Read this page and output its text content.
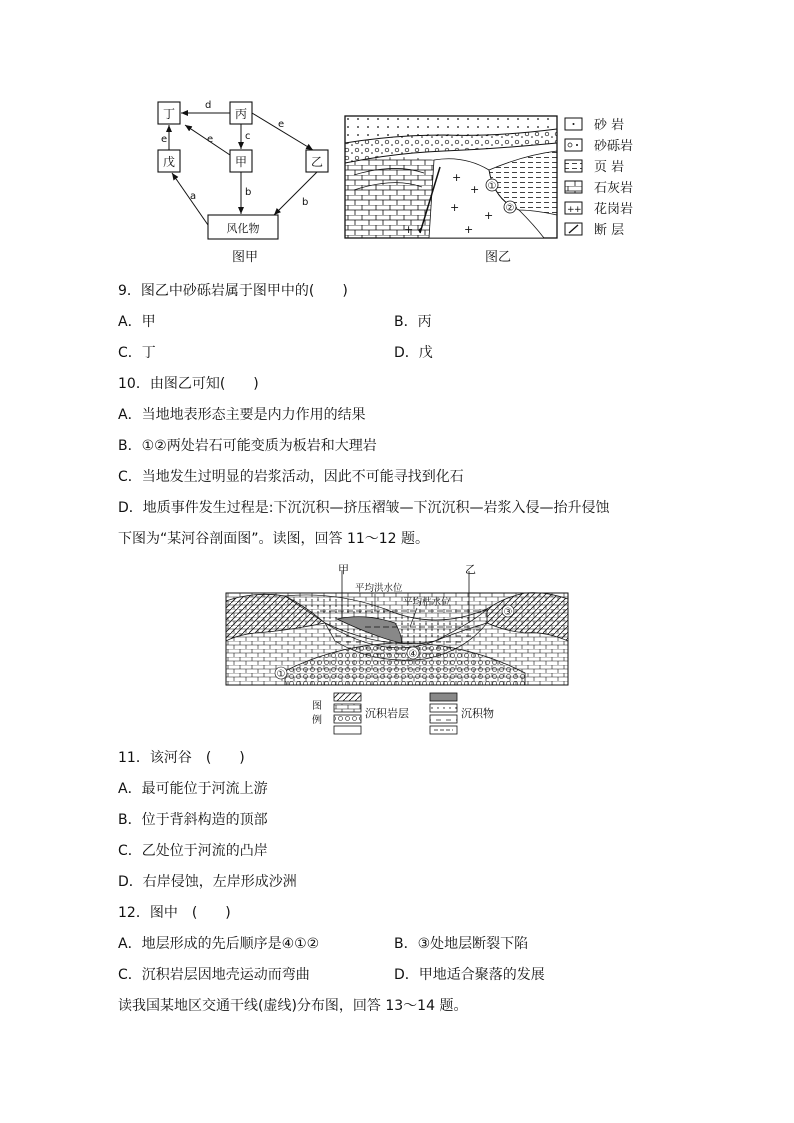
丁	丙
戊	甲	乙
风化物
d
e	e
e
c
b
b
a
图甲
+
+
+
+
+
+
①
②
图乙
+ +
砂 岩
砂砾岩
页 岩
石灰岩
花岗岩
断 层
9．图乙中砂砾岩属于图甲中的(　　)
A．甲	B．丙
C．丁	D．戊
10．由图乙可知(　　)
A．当地地表形态主要是内力作用的结果
B．①②两处岩石可能变质为板岩和大理岩
C．当地发生过明显的岩浆活动，因此不可能寻找到化石
D．地质事件发生过程是:下沉沉积—挤压褶皱—下沉沉积—岩浆入侵—抬升侵蚀
下图为“某河谷剖面图”。读图，回答 11～12 题。
甲	乙
平均洪水位
平均枯水位
③
④
①
图
例
沉积岩层	沉积物
11．该河谷　(　　)
A．最可能位于河流上游
B．位于背斜构造的顶部
C．乙处位于河流的凸岸
D．右岸侵蚀，左岸形成沙洲
12．图中　(　　)
A．地层形成的先后顺序是④①②	B．③处地层断裂下陷
C．沉积岩层因地壳运动而弯曲	D．甲地适合聚落的发展
读我国某地区交通干线(虚线)分布图，回答 13～14 题。
